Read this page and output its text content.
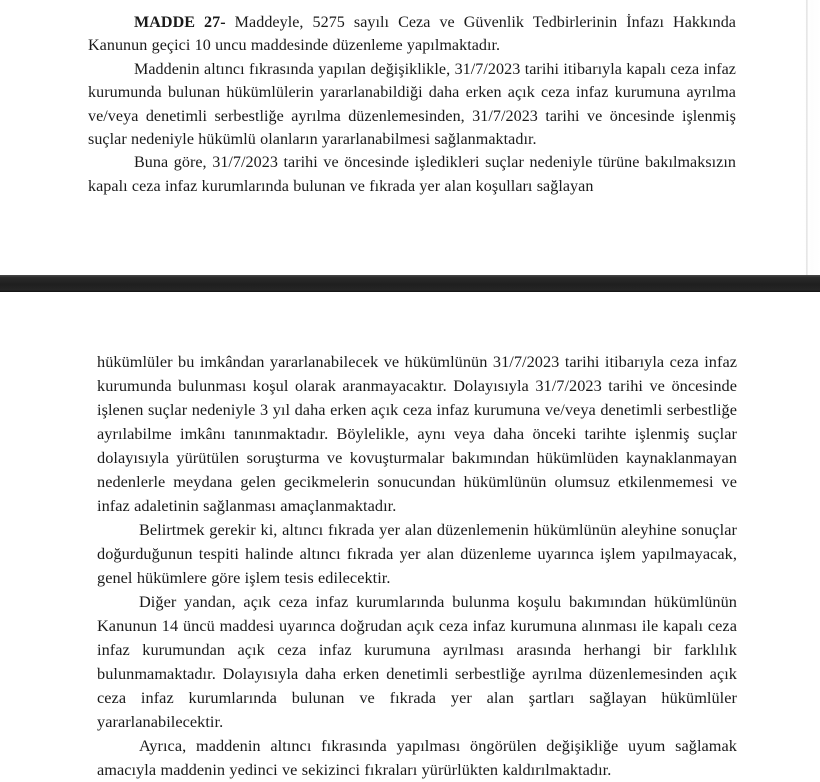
MADDE 27- Maddeyle, 5275 sayılı Ceza ve Güvenlik Tedbirlerinin İnfazı Hakkında Kanunun geçici 10 uncu maddesinde düzenleme yapılmaktadır.

Maddenin altıncı fıkrasında yapılan değişiklikle, 31/7/2023 tarihi itibarıyla kapalı ceza infaz kurumunda bulunan hükümlülerin yararlanabildiği daha erken açık ceza infaz kurumuna ayrılma ve/veya denetimli serbestliğe ayrılma düzenlemesinden, 31/7/2023 tarihi ve öncesinde işlenmiş suçlar nedeniyle hükümlü olanların yararlanabilmesi sağlanmaktadır.

Buna göre, 31/7/2023 tarihi ve öncesinde işledikleri suçlar nedeniyle türüne bakılmaksızın kapalı ceza infaz kurumlarında bulunan ve fıkrada yer alan koşulları sağlayan

hükümlüler bu imkândan yararlanabilecek ve hükümlünün 31/7/2023 tarihi itibarıyla ceza infaz kurumunda bulunması koşul olarak aranmayacaktır. Dolayısıyla 31/7/2023 tarihi ve öncesinde işlenen suçlar nedeniyle 3 yıl daha erken açık ceza infaz kurumuna ve/veya denetimli serbestliğe ayrılabilme imkânı tanınmaktadır. Böylelikle, aynı veya daha önceki tarihte işlenmiş suçlar dolayısıyla yürütülen soruşturma ve kovuşturmalar bakımından hükümlüden kaynaklanmayan nedenlerle meydana gelen gecikmelerin sonucundan hükümlünün olumsuz etkilenmemesi ve infaz adaletinin sağlanması amaçlanmaktadır.

Belirtmek gerekir ki, altıncı fıkrada yer alan düzenlemenin hükümlünün aleyhine sonuçlar doğurduğunun tespiti halinde altıncı fıkrada yer alan düzenleme uyarınca işlem yapılmayacak, genel hükümlere göre işlem tesis edilecektir.

Diğer yandan, açık ceza infaz kurumlarında bulunma koşulu bakımından hükümlünün Kanunun 14 üncü maddesi uyarınca doğrudan açık ceza infaz kurumuna alınması ile kapalı ceza infaz kurumundan açık ceza infaz kurumuna ayrılması arasında herhangi bir farklılık bulunmamaktadır. Dolayısıyla daha erken denetimli serbestliğe ayrılma düzenlemesinden açık ceza infaz kurumlarında bulunan ve fıkrada yer alan şartları sağlayan hükümlüler yararlanabilecektir.

Ayrıca, maddenin altıncı fıkrasında yapılması öngörülen değişikliğe uyum sağlamak amacıyla maddenin yedinci ve sekizinci fıkraları yürürlükten kaldırılmaktadır.
